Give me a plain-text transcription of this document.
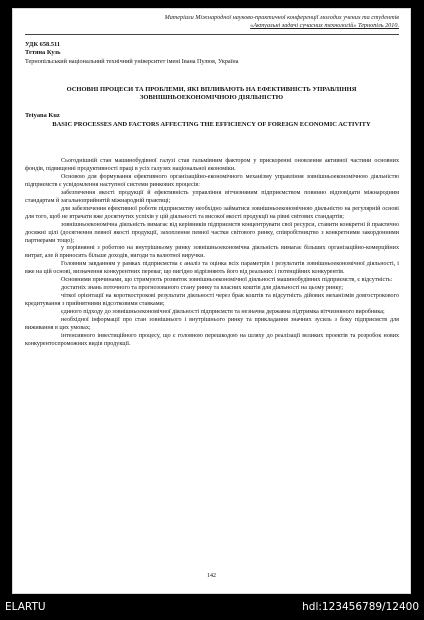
Матеріали Міжнародної науково-практичної конференції молодих учених та студентів
«Актуальні задачі сучасних технологій» Тернопіль 2010.
УДК 658.511
Тетяна Кузь
Тернопільський національний технічний університет імені Івана Пулюя, Україна
ОСНОВНІ ПРОЦЕСИ ТА ПРОБЛЕМИ, ЯКІ ВПЛИВАЮТЬ НА ЕФЕКТИВНІСТЬ УПРАВЛІННЯ ЗОВНІШНЬОЕКОНОМІЧНОЮ ДІЯЛЬНІСТЮ
Tetyana Kuz
BASIC PROCESSES AND FACTORS AFFECTING THE EFFICIENCY OF FOREIGN ECONOMIC ACTIVITY

Сьогоднішній стан машинобудівної галузі став гальмівним фактором у прискоренні оновлення активної частини основних фондів, підвищенні продуктивності праці в усіх галузях національної економіки.

Основою для формування ефективного організаційно-економічного механізму управління зовнішньоекономічною діяльністю підприємств є усвідомлення наступної системи ринкових процесів:

забезпечення якості продукції й ефективність управління вітчизняним підприємством повинно відповідати міжнародним стандартам й загальноприйнятій міжнародній практиці;

для забезпечення ефективної роботи підприємству необхідно займатися зовнішньоекономічною діяльністю на регулярній основі для того, щоб не втрачати вже досягнутих успіхів у цій діяльності та високої якості продукції на рівні світових стандартів;

зовнішньоекономічна діяльність вимагає від керівників підприємств концентрувати свої ресурси, ставити конкретні й практично досяжні цілі (досягнення певної якості продукції, захоплення певної частки світового ринку, співробітництво з конкретними закордонними партнерами тощо);

у порівнянні з роботою на внутрішньому ринку зовнішньоекономічна діяльність вимагає більших організаційно-комерційних витрат, але й приносить більше доходів, вигоди та валютної виручки.

Головним завданням у рамках підприємства є аналіз та оцінка всіх параметрів і результатів зовнішньоекономічної діяльності, і вже на цій основі, визначення конкурентних переваг, що вигідно відрізняють його від реальних і потенційних конкурентів.

Основними причинами, що стримують розвиток зовнішньоекономічної діяльності машинобудівних підприємств, є відсутність:

достатніх знань поточного та прогнозованого стану ринку та власних коштів для діяльності на цьому ринку;

чіткої орієнтації на короткострокові результати діяльності через брак коштів та відсутність дійових механізмів довгострокового кредитування з прийнятними відсотковими ставками;

єдиного підходу до зовнішньоекономічної діяльності підприємств та незначна державна підтримка вітчизняного виробника;

необхідної інформації про стан зовнішнього і внутрішнього ринку та прикладання значних зусиль з боку підприємств для виживання в цих умовах;

інтенсивного інвестиційного процесу, що є головною перешкодою на шляху до реалізації великих проектів та розробок нових конкурентоспроможних видів продукції.

142
ELARTU	hdl:123456789/12400
